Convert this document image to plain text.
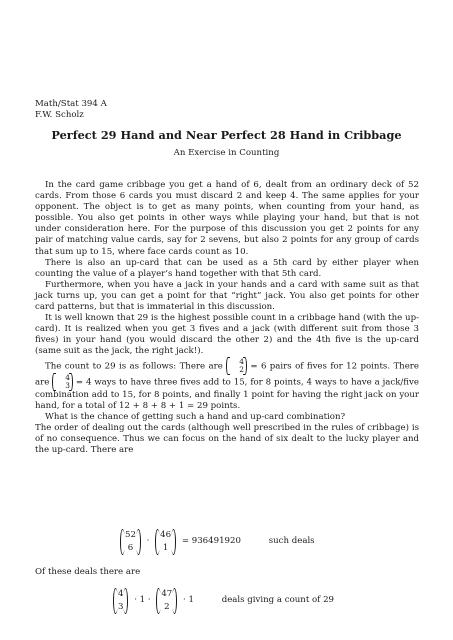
Math/Stat 394 A
F.W. Scholz
Perfect 29 Hand and Near Perfect 28 Hand in Cribbage
An Exercise in Counting

In the card game cribbage you get a hand of 6, dealt from an ordinary deck of 52 cards. From those 6 cards you must discard 2 and keep 4. The same applies for your opponent. The object is to get as many points, when counting from your hand, as possible. You also get points in other ways while playing your hand, but that is not under consideration here. For the purpose of this discussion you get 2 points for any pair of matching value cards, say for 2 sevens, but also 2 points for any group of cards that sum up to 15, where face cards count as 10.

There is also an up-card that can be used as a 5th card by either player when counting the value of a player’s hand together with that 5th card.

Furthermore, when you have a jack in your hands and a card with same suit as that jack turns up, you can get a point for that “right” jack. You also get points for other card patterns, but that is immaterial in this discussion.

It is well known that 29 is the highest possible count in a cribbage hand (with the up-card). It is realized when you get 3 fives and a jack (with different suit from those 3 fives) in your hand (you would discard the other 2) and the 4th five is the up-card (same suit as the jack, the right jack!).

The count to 29 is as follows: There are	4
2 = 6 pairs of fives for 12 points. There are	4
3 = 4 ways to have three fives add to 15, for 8 points, 4 ways to have a jack/five combination add to 15, for 8 points, and finally 1 point for having the right jack on your hand, for a total of 12 + 8 + 8 + 1 = 29 points.

What is the chance of getting such a hand and up-card combination?

The order of dealing out the cards (although well prescribed in the rules of cribbage) is of no consequence. Thus we can focus on the hand of six dealt to the lucky player and the up-card. There are

52
6
·
46
1
= 936491920	such deals
Of these deals there are
4
3
· 1 ·
47
2
· 1	deals giving a count of 29
